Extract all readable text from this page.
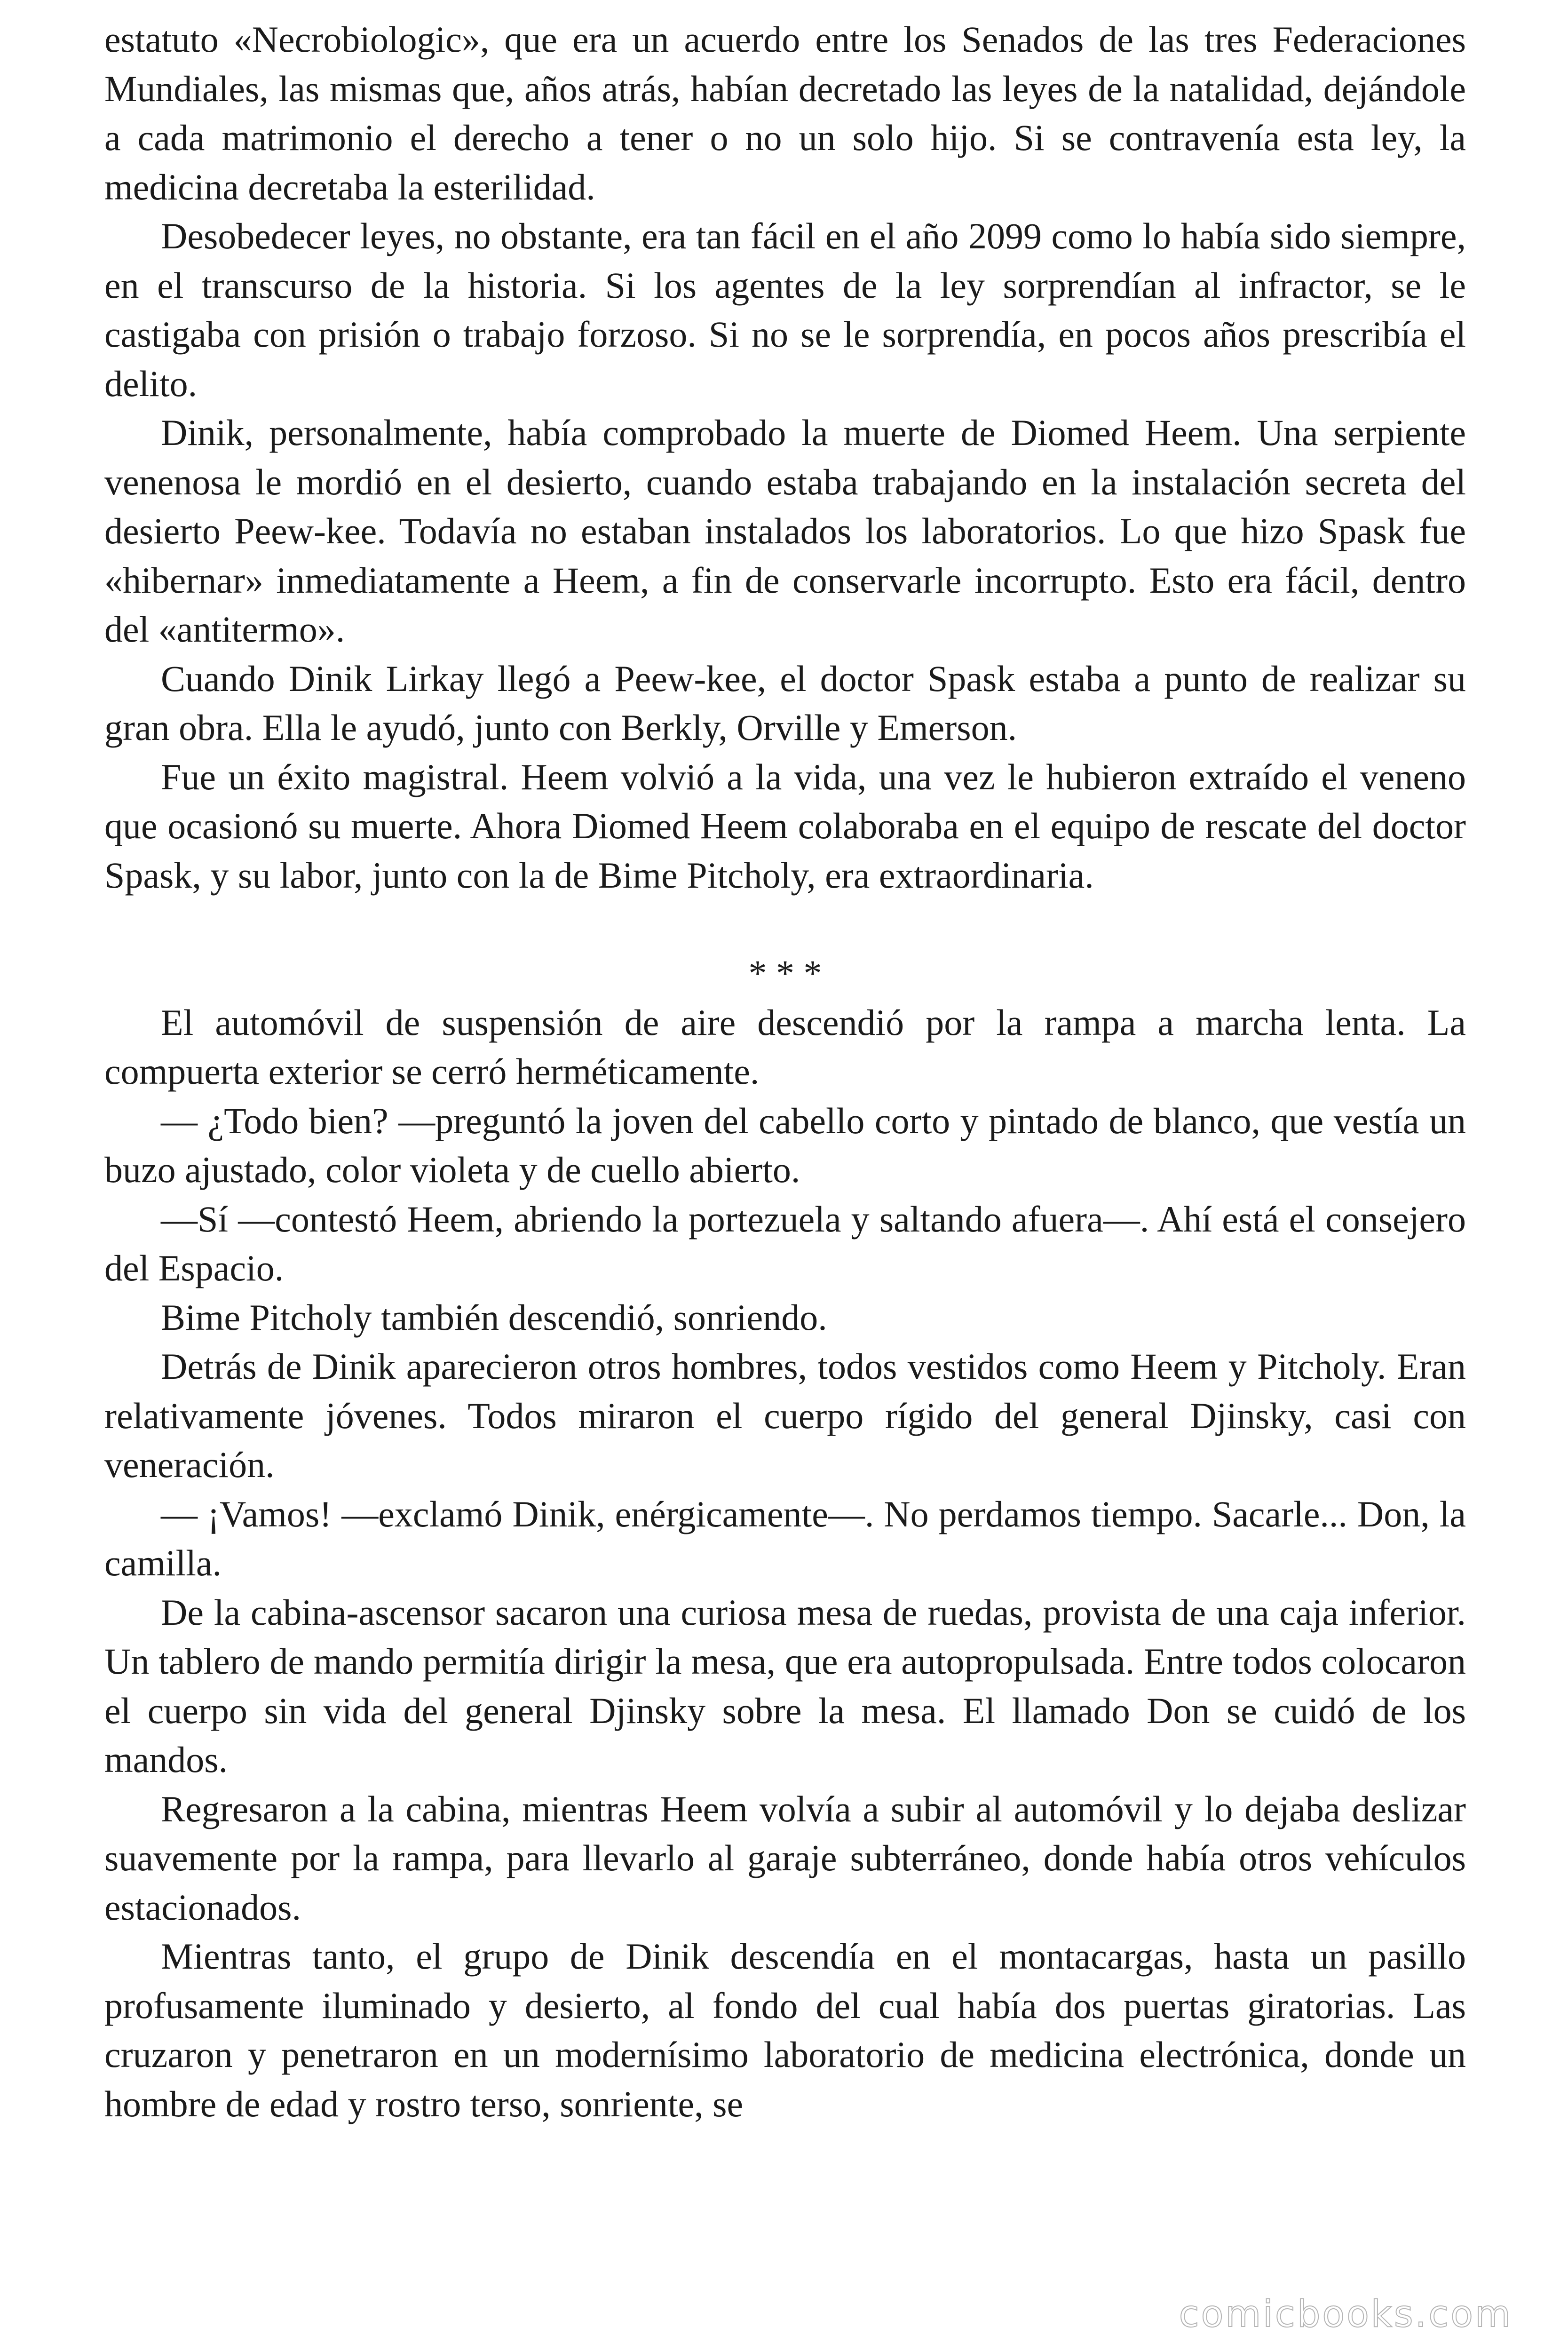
estatuto «Necrobiologic», que era un acuerdo entre los Senados de las tres Federaciones Mundiales, las mismas que, años atrás, habían decretado las leyes de la natalidad, dejándole a cada matrimonio el derecho a tener o no un solo hijo. Si se contravenía esta ley, la medicina decretaba la esterilidad.

Desobedecer leyes, no obstante, era tan fácil en el año 2099 como lo había sido siempre, en el transcurso de la historia. Si los agentes de la ley sorprendían al infractor, se le castigaba con prisión o trabajo forzoso. Si no se le sorprendía, en pocos años prescribía el delito.

Dinik, personalmente, había comprobado la muerte de Diomed Heem. Una serpiente venenosa le mordió en el desierto, cuando estaba trabajando en la instalación secreta del desierto Peew-kee. Todavía no estaban instalados los laboratorios. Lo que hizo Spask fue «hibernar» inmediatamente a Heem, a fin de conservarle incorrupto. Esto era fácil, dentro del «antitermo».

Cuando Dinik Lirkay llegó a Peew-kee, el doctor Spask estaba a punto de realizar su gran obra. Ella le ayudó, junto con Berkly, Orville y Emerson.

Fue un éxito magistral. Heem volvió a la vida, una vez le hubieron extraído el veneno que ocasionó su muerte. Ahora Diomed Heem colaboraba en el equipo de rescate del doctor Spask, y su labor, junto con la de Bime Pitcholy, era extraordinaria.

* * *

El automóvil de suspensión de aire descendió por la rampa a marcha lenta. La compuerta exterior se cerró herméticamente.

— ¿Todo bien? —preguntó la joven del cabello corto y pintado de blanco, que vestía un buzo ajustado, color violeta y de cuello abierto.

—Sí —contestó Heem, abriendo la portezuela y saltando afuera—. Ahí está el consejero del Espacio.

Bime Pitcholy también descendió, sonriendo.

Detrás de Dinik aparecieron otros hombres, todos vestidos como Heem y Pitcholy. Eran relativamente jóvenes. Todos miraron el cuerpo rígido del general Djinsky, casi con veneración.

— ¡Vamos! —exclamó Dinik, enérgicamente—. No perdamos tiempo. Sacarle... Don, la camilla.

De la cabina-ascensor sacaron una curiosa mesa de ruedas, provista de una caja inferior. Un tablero de mando permitía dirigir la mesa, que era autopropulsada. Entre todos colocaron el cuerpo sin vida del general Djinsky sobre la mesa. El llamado Don se cuidó de los mandos.

Regresaron a la cabina, mientras Heem volvía a subir al automóvil y lo dejaba deslizar suavemente por la rampa, para llevarlo al garaje subterráneo, donde había otros vehículos estacionados.

Mientras tanto, el grupo de Dinik descendía en el montacargas, hasta un pasillo profusamente iluminado y desierto, al fondo del cual había dos puertas giratorias. Las cruzaron y penetraron en un modernísimo laboratorio de medicina electrónica, donde un hombre de edad y rostro terso, sonriente, se

comicbooks.com
